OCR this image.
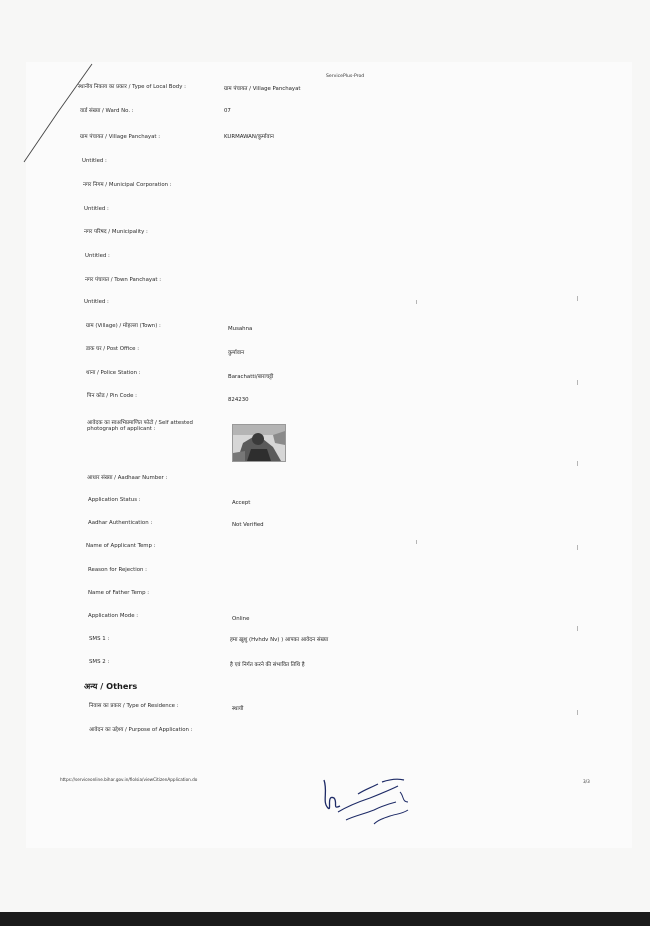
ServicePlus-Prod
स्थानीय निकाय का प्रकार / Type of Local Body :	ग्राम पंचायत / Village Panchayat
वार्ड संख्या / Ward No. :	07
ग्राम पंचायत / Village Panchayat :	KURMAWAN/कुर्मावान
Untitled :
नगर निगम / Municipal Corporation :
Untitled :
नगर परिषद / Municipality :
Untitled :
नगर पंचायत / Town Panchayat :
Untitled :
ग्राम (Village) / मोहल्ला (Town) :	Musahna
डाक घर / Post Office :
कुर्मावान
थाना / Police Station :
Barachatti/बाराचट्टी
पिन कोड / Pin Code :
824230
आवेदक का स्वअभिप्रमाणित फोटो / Self attested
photograph of applicant :
आधार संख्या / Aadhaar Number :
Application Status :	Accept
Aadhar Authentication :	Not Verified
Name of Applicant Temp :
Reason for Rejection :
Name of Father Temp :
Application Mode :	Online
SMS 1 :	हमा ख़ुशु (Hvhdv Nv) ) आपका आवेदन संख्या
SMS 2 :	है एवं निर्गत करने की संभावित तिथि है
अन्य / Others
निवास का प्रकार / Type of Residence :	स्थायी
आवेदन का उद्देश्य / Purpose of Application :
https://serviceonline.bihar.gov.in/fiolsia/viewCitizenApplication.do	3/3
